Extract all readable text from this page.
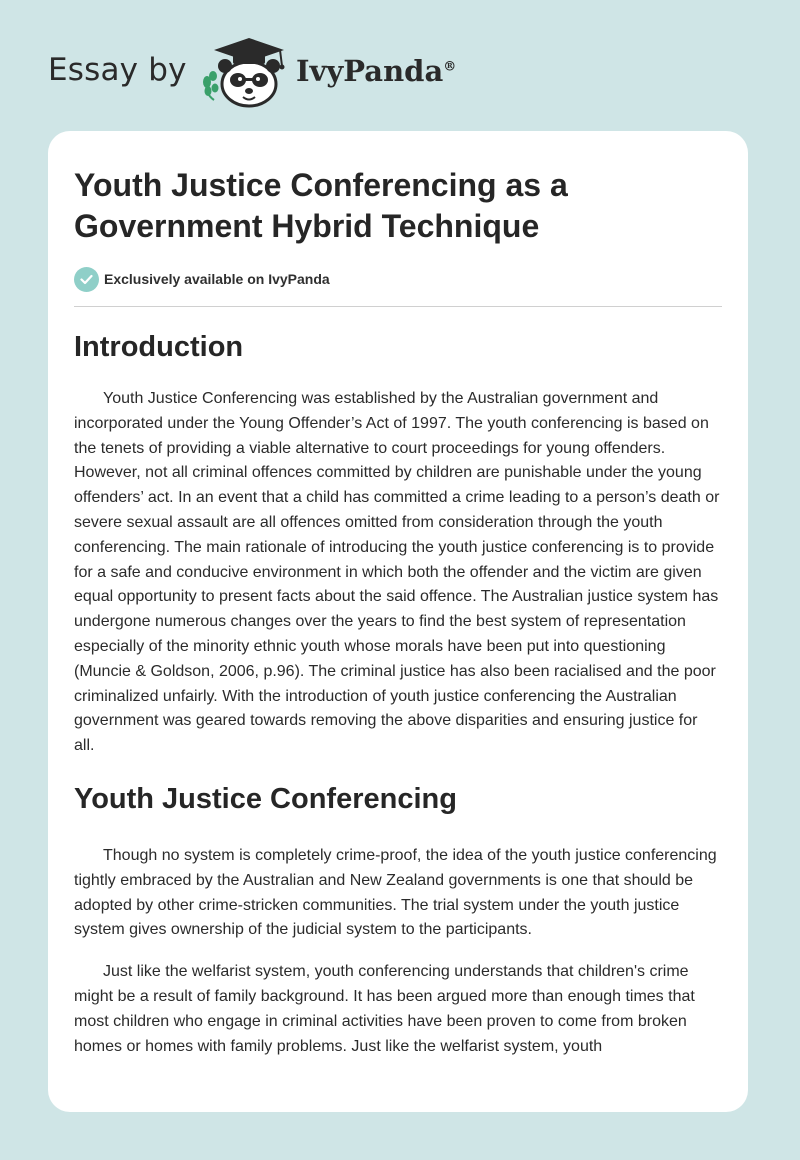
Essay by	IvyPanda®
Youth Justice Conferencing as a Government Hybrid Technique
Exclusively available on IvyPanda
Introduction

Youth Justice Conferencing was established by the Australian government and incorporated under the Young Offender’s Act of 1997. The youth conferencing is based on the tenets of providing a viable alternative to court proceedings for young offenders. However, not all criminal offences committed by children are punishable under the young offenders’ act. In an event that a child has committed a crime leading to a person’s death or severe sexual assault are all offences omitted from consideration through the youth conferencing. The main rationale of introducing the youth justice conferencing is to provide for a safe and conducive environment in which both the offender and the victim are given equal opportunity to present facts about the said offence. The Australian justice system has undergone numerous changes over the years to find the best system of representation especially of the minority ethnic youth whose morals have been put into questioning (Muncie & Goldson, 2006, p.96). The criminal justice has also been racialised and the poor criminalized unfairly. With the introduction of youth justice conferencing the Australian government was geared towards removing the above disparities and ensuring justice for all.

Youth Justice Conferencing

Though no system is completely crime-proof, the idea of the youth justice conferencing tightly embraced by the Australian and New Zealand governments is one that should be adopted by other crime-stricken communities. The trial system under the youth justice system gives ownership of the judicial system to the participants.

Just like the welfarist system, youth conferencing understands that children's crime might be a result of family background. It has been argued more than enough times that most children who engage in criminal activities have been proven to come from broken homes or homes with family problems. Just like the welfarist system, youth
